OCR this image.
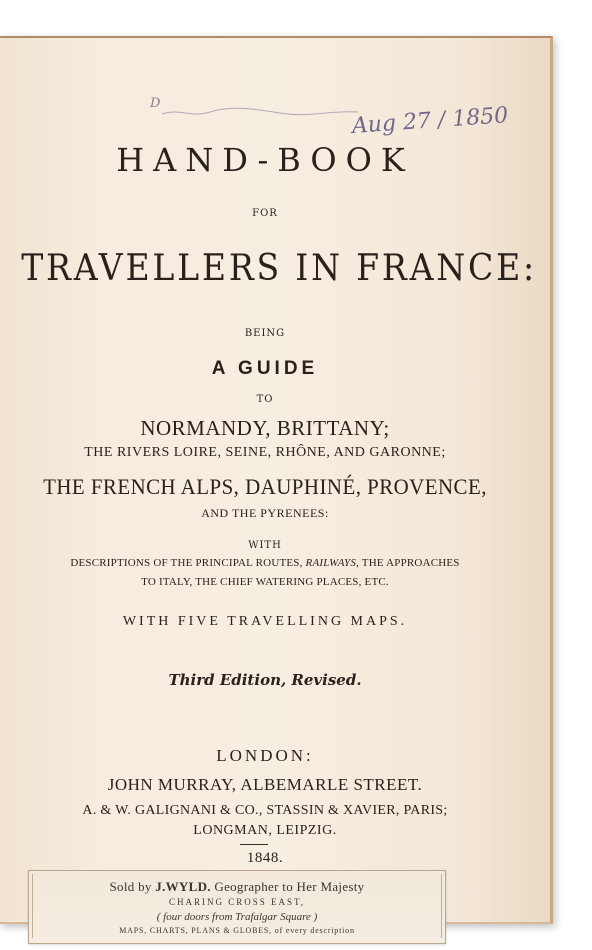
D	Aug 27 / 1850
HAND-BOOK
FOR
TRAVELLERS IN FRANCE:
BEING
A GUIDE
TO
NORMANDY, BRITTANY;
THE RIVERS LOIRE, SEINE, RHÔNE, AND GARONNE;
THE FRENCH ALPS, DAUPHINÉ, PROVENCE,
AND THE PYRENEES:
WITH
DESCRIPTIONS OF THE PRINCIPAL ROUTES, RAILWAYS, THE APPROACHES
TO ITALY, THE CHIEF WATERING PLACES, ETC.
WITH FIVE TRAVELLING MAPS.
Third Edition, Revised.
LONDON:
JOHN MURRAY, ALBEMARLE STREET.
A. & W. GALIGNANI & CO., STASSIN & XAVIER, PARIS;
LONGMAN, LEIPZIG.
1848.
Sold by J.WYLD. Geographer to Her Majesty
CHARING CROSS EAST,
( four doors from Trafalgar Square )
MAPS, CHARTS, PLANS & GLOBES, of every description
